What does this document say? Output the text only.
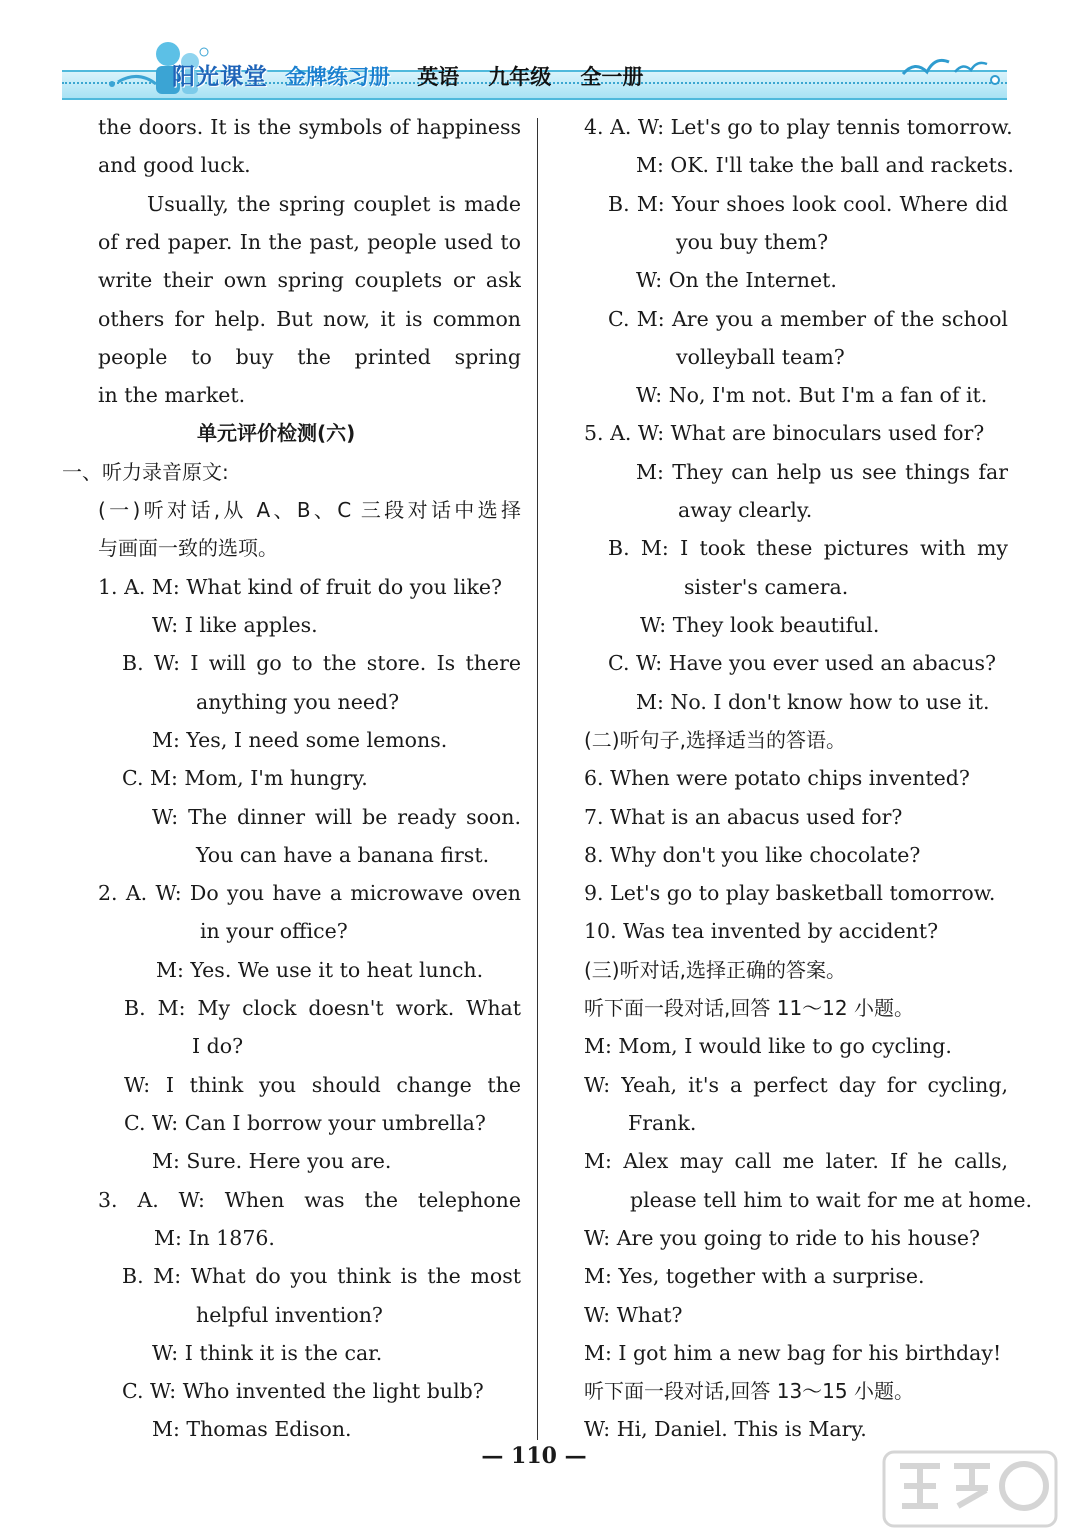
阳光课堂 金牌练习册 英语 九年级 全一册
the doors. It is the symbols of happiness
and good luck.
Usually, the spring couplet is made
of red paper. In the past, people used to
write their own spring couplets or ask
others for help. But now, it is common
people to buy the printed spring
in the market.
单元评价检测(六)
一、听力录音原文:
(一)听对话,从 A、B、C 三段对话中选择
与画面一致的选项。
1. A. M: What kind of fruit do you like?
W: I like apples.
B. W: I will go to the store. Is there
anything you need?
M: Yes, I need some lemons.
C. M: Mom, I'm hungry.
W: The dinner will be ready soon.
You can have a banana first.
2. A. W: Do you have a microwave oven
in your office?
M: Yes. We use it to heat lunch.
B. M: My clock doesn't work. What
I do?
W: I think you should change the
C. W: Can I borrow your umbrella?
M: Sure. Here you are.
3. A. W: When was the telephone
M: In 1876.
B. M: What do you think is the most
helpful invention?
W: I think it is the car.
C. W: Who invented the light bulb?
M: Thomas Edison.
4. A. W: Let's go to play tennis tomorrow.
M: OK. I'll take the ball and rackets.
B. M: Your shoes look cool. Where did
you buy them?
W: On the Internet.
C. M: Are you a member of the school
volleyball team?
W: No, I'm not. But I'm a fan of it.
5. A. W: What are binoculars used for?
M: They can help us see things far
away clearly.
B. M: I took these pictures with my
sister's camera.
W: They look beautiful.
C. W: Have you ever used an abacus?
M: No. I don't know how to use it.
(二)听句子,选择适当的答语。
6. When were potato chips invented?
7. What is an abacus used for?
8. Why don't you like chocolate?
9. Let's go to play basketball tomorrow.
10. Was tea invented by accident?
(三)听对话,选择正确的答案。
听下面一段对话,回答 11～12 小题。
M: Mom, I would like to go cycling.
W: Yeah, it's a perfect day for cycling,
Frank.
M: Alex may call me later. If he calls,
please tell him to wait for me at home.
W: Are you going to ride to his house?
M: Yes, together with a surprise.
W: What?
M: I got him a new bag for his birthday!
听下面一段对话,回答 13～15 小题。
W: Hi, Daniel. This is Mary.
— 110 —
